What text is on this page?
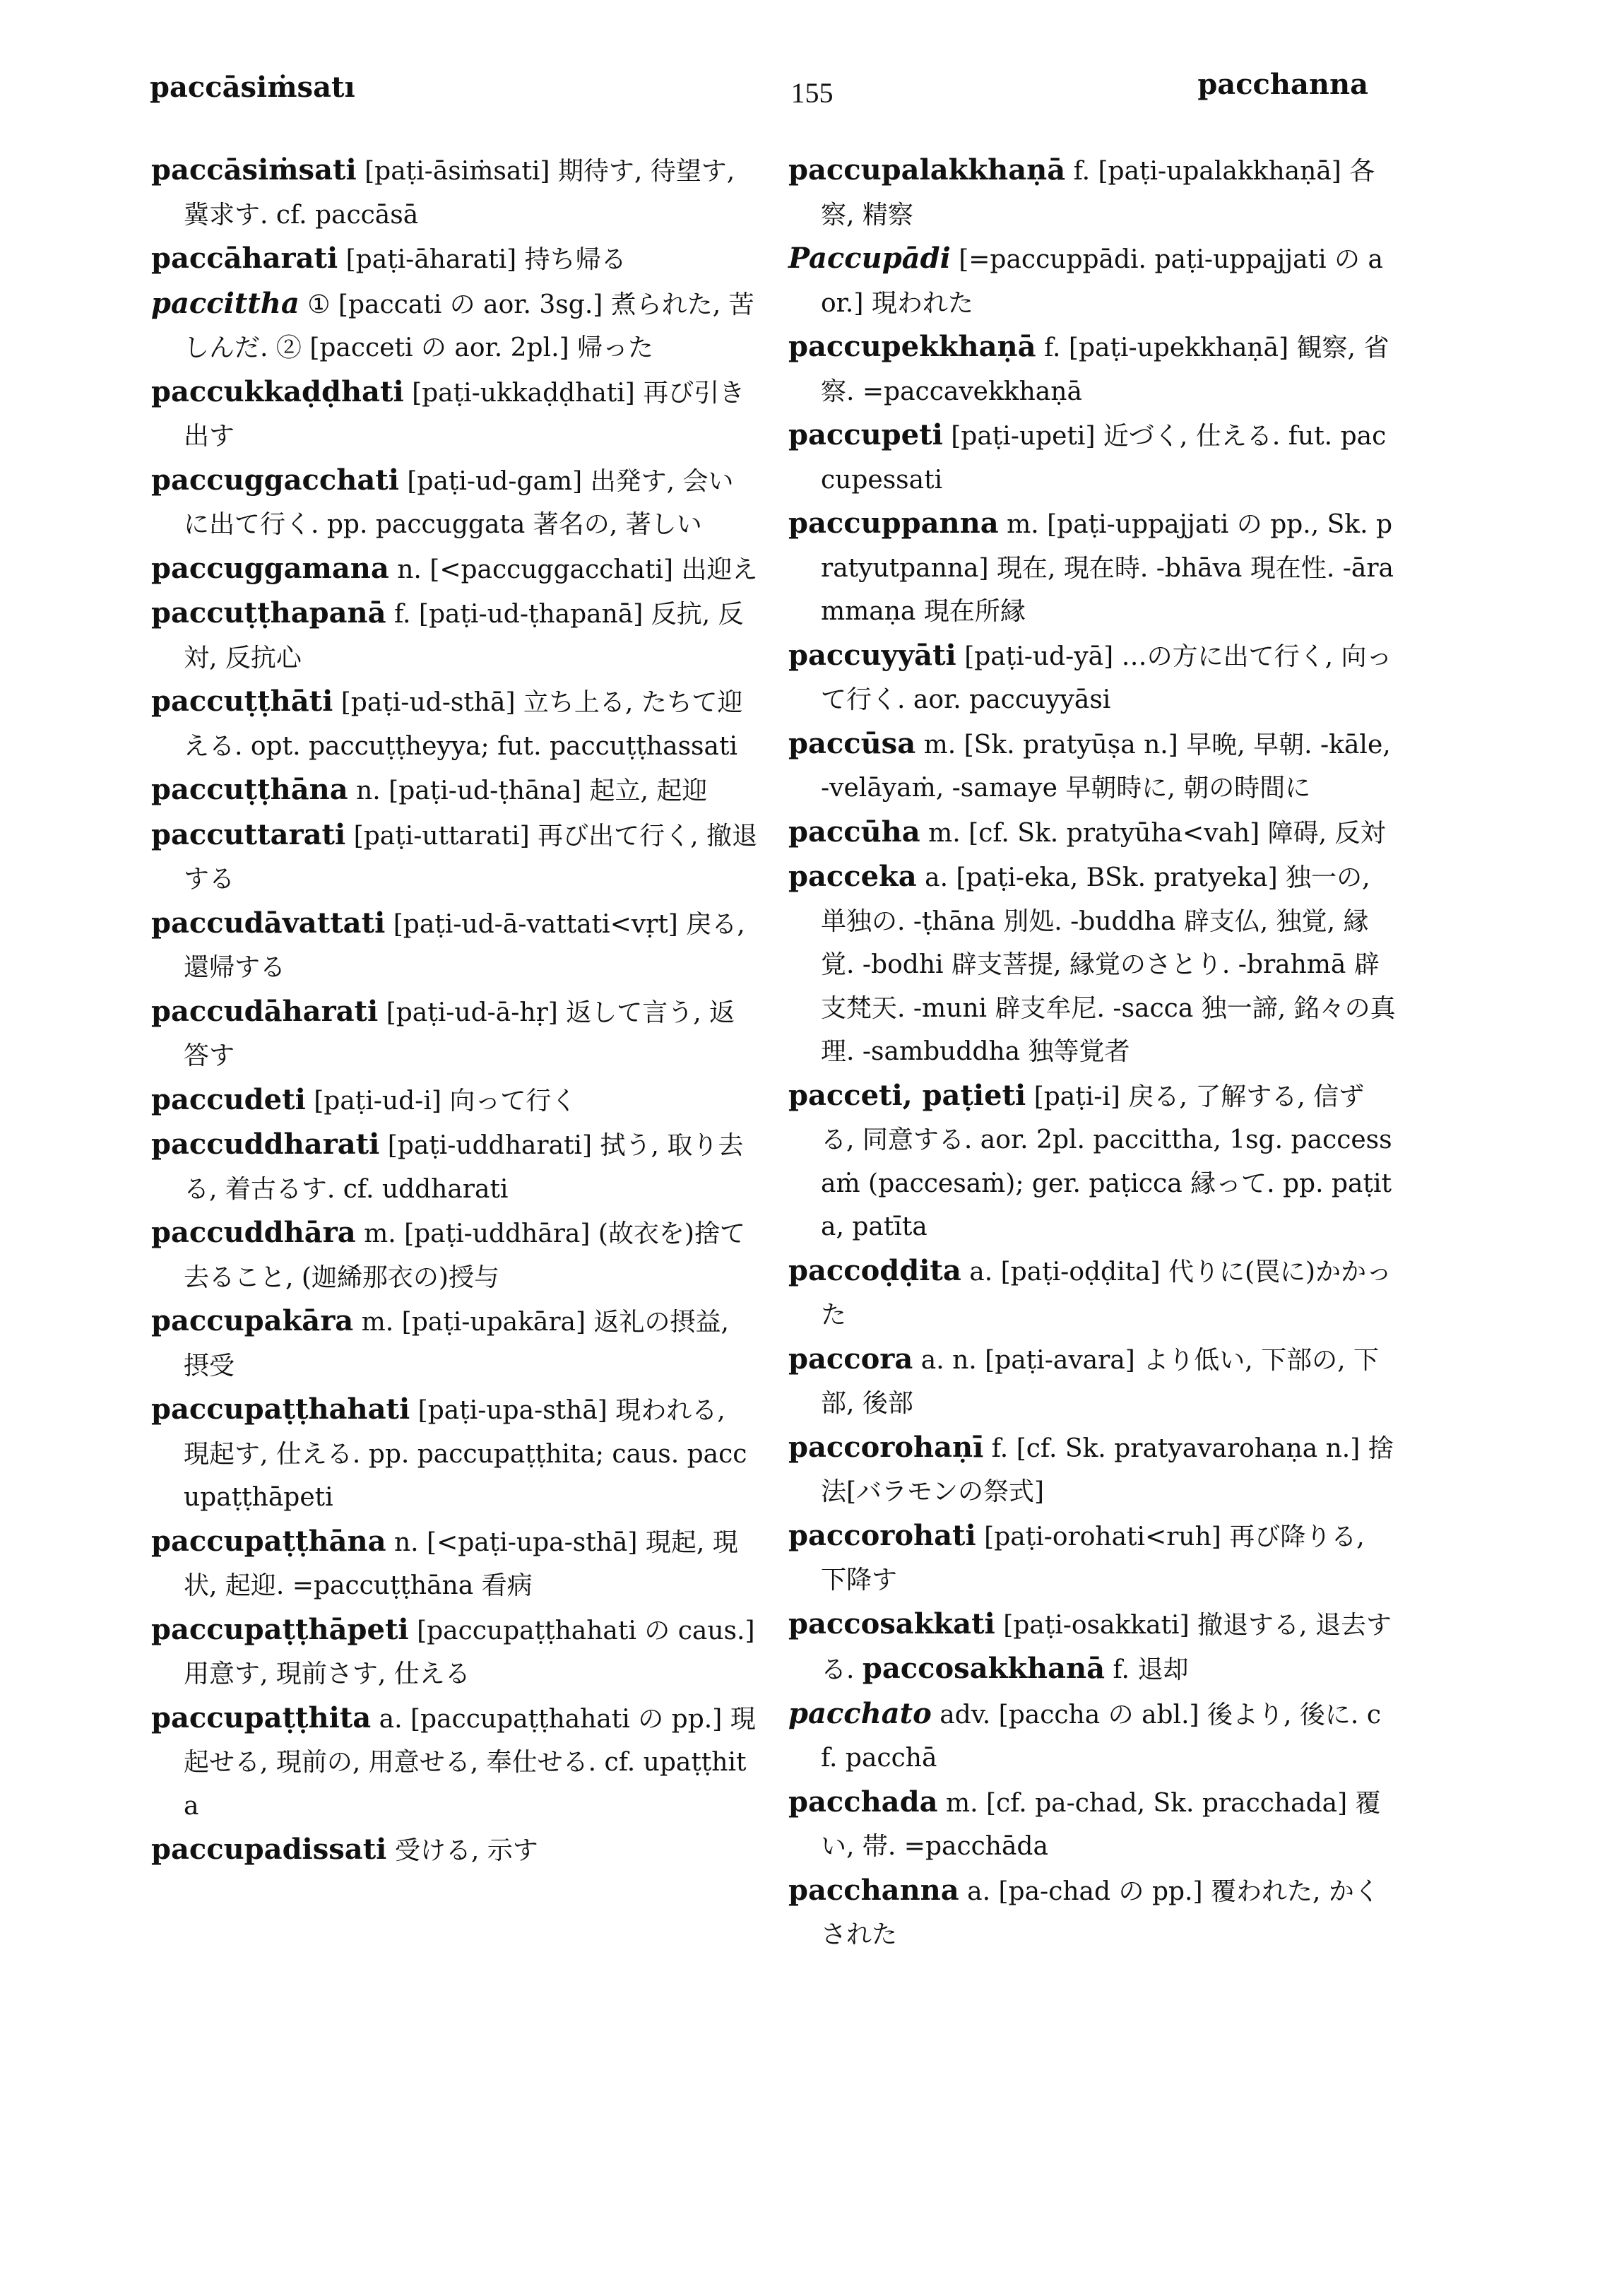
paccāsiṁsatı	155	pacchanna

paccāsiṁsati [paṭi-āsiṁsati] 期待す, 待望す, 冀求す. cf. paccāsā

paccāharati [paṭi-āharati] 持ち帰る

paccittha ① [paccati の aor. 3sg.] 煮られた, 苦しんだ. ② [pacceti の aor. 2pl.] 帰った

paccukkaḍḍhati [paṭi-ukkaḍḍhati] 再び引き出す

paccuggacchati [paṭi-ud-gam] 出発す, 会いに出て行く. pp. paccuggata 著名の, 著しい

paccuggamana n. [<paccuggacchati] 出迎え

paccuṭṭhapanā f. [paṭi-ud-ṭhapanā] 反抗, 反対, 反抗心

paccuṭṭhāti [paṭi-ud-sthā] 立ち上る, たちて迎える. opt. paccuṭṭheyya; fut. paccuṭṭhassati

paccuṭṭhāna n. [paṭi-ud-ṭhāna] 起立, 起迎

paccuttarati [paṭi-uttarati] 再び出て行く, 撤退する

paccudāvattati [paṭi-ud-ā-vattati<vṛt] 戻る, 還帰する

paccudāharati [paṭi-ud-ā-hṛ] 返して言う, 返答す

paccudeti [paṭi-ud-i] 向って行く

paccuddharati [paṭi-uddharati] 拭う, 取り去る, 着古るす. cf. uddharati

paccuddhāra m. [paṭi-uddhāra] (故衣を)捨て去ること, (迦絺那衣の)授与

paccupakāra m. [paṭi-upakāra] 返礼の摂益, 摂受

paccupaṭṭhahati [paṭi-upa-sthā] 現われる, 現起す, 仕える. pp. paccupaṭṭhita; caus. paccupaṭṭhāpeti

paccupaṭṭhāna n. [<paṭi-upa-sthā] 現起, 現状, 起迎. =paccuṭṭhāna 看病

paccupaṭṭhāpeti [paccupaṭṭhahati の caus.] 用意す, 現前さす, 仕える

paccupaṭṭhita a. [paccupaṭṭhahati の pp.] 現起せる, 現前の, 用意せる, 奉仕せる. cf. upaṭṭhita

paccupadissati 受ける, 示す

paccupalakkhaṇā f. [paṭi-upalakkhaṇā] 各察, 精察

Paccupādi [=paccuppādi. paṭi-uppajjati の aor.] 現われた

paccupekkhaṇā f. [paṭi-upekkhaṇā] 観察, 省察. =paccavekkhaṇā

paccupeti [paṭi-upeti] 近づく, 仕える. fut. paccupessati

paccuppanna m. [paṭi-uppajjati の pp., Sk. pratyutpanna] 現在, 現在時. -bhāva 現在性. -ārammaṇa 現在所縁

paccuyyāti [paṭi-ud-yā] …の方に出て行く, 向って行く. aor. paccuyyāsi

paccūsa m. [Sk. pratyūṣa n.] 早晩, 早朝. -kāle, -velāyaṁ, -samaye 早朝時に, 朝の時間に

paccūha m. [cf. Sk. pratyūha<vah] 障碍, 反対

pacceka a. [paṭi-eka, BSk. pratyeka] 独一の, 単独の. -ṭhāna 別処. -buddha 辟支仏, 独覚, 縁覚. -bodhi 辟支菩提, 縁覚のさとり. -brahmā 辟支梵天. -muni 辟支牟尼. -sacca 独一諦, 銘々の真理. -sambuddha 独等覚者

pacceti, paṭieti [paṭi-i] 戻る, 了解する, 信ずる, 同意する. aor. 2pl. paccittha, 1sg. paccessaṁ (paccesaṁ); ger. paṭicca 縁って. pp. paṭita, patīta

paccoḍḍita a. [paṭi-oḍḍita] 代りに(罠に)かかった

paccora a. n. [paṭi-avara] より低い, 下部の, 下部, 後部

paccorohaṇī f. [cf. Sk. pratyavarohaṇa n.] 捨法[バラモンの祭式]

paccorohati [paṭi-orohati<ruh] 再び降りる, 下降す

paccosakkati [paṭi-osakkati] 撤退する, 退去する. paccosakkhanā f. 退却

pacchato adv. [paccha の abl.] 後より, 後に. cf. pacchā

pacchada m. [cf. pa-chad, Sk. pracchada] 覆い, 帯. =pacchāda

pacchanna a. [pa-chad の pp.] 覆われた, かくされた
